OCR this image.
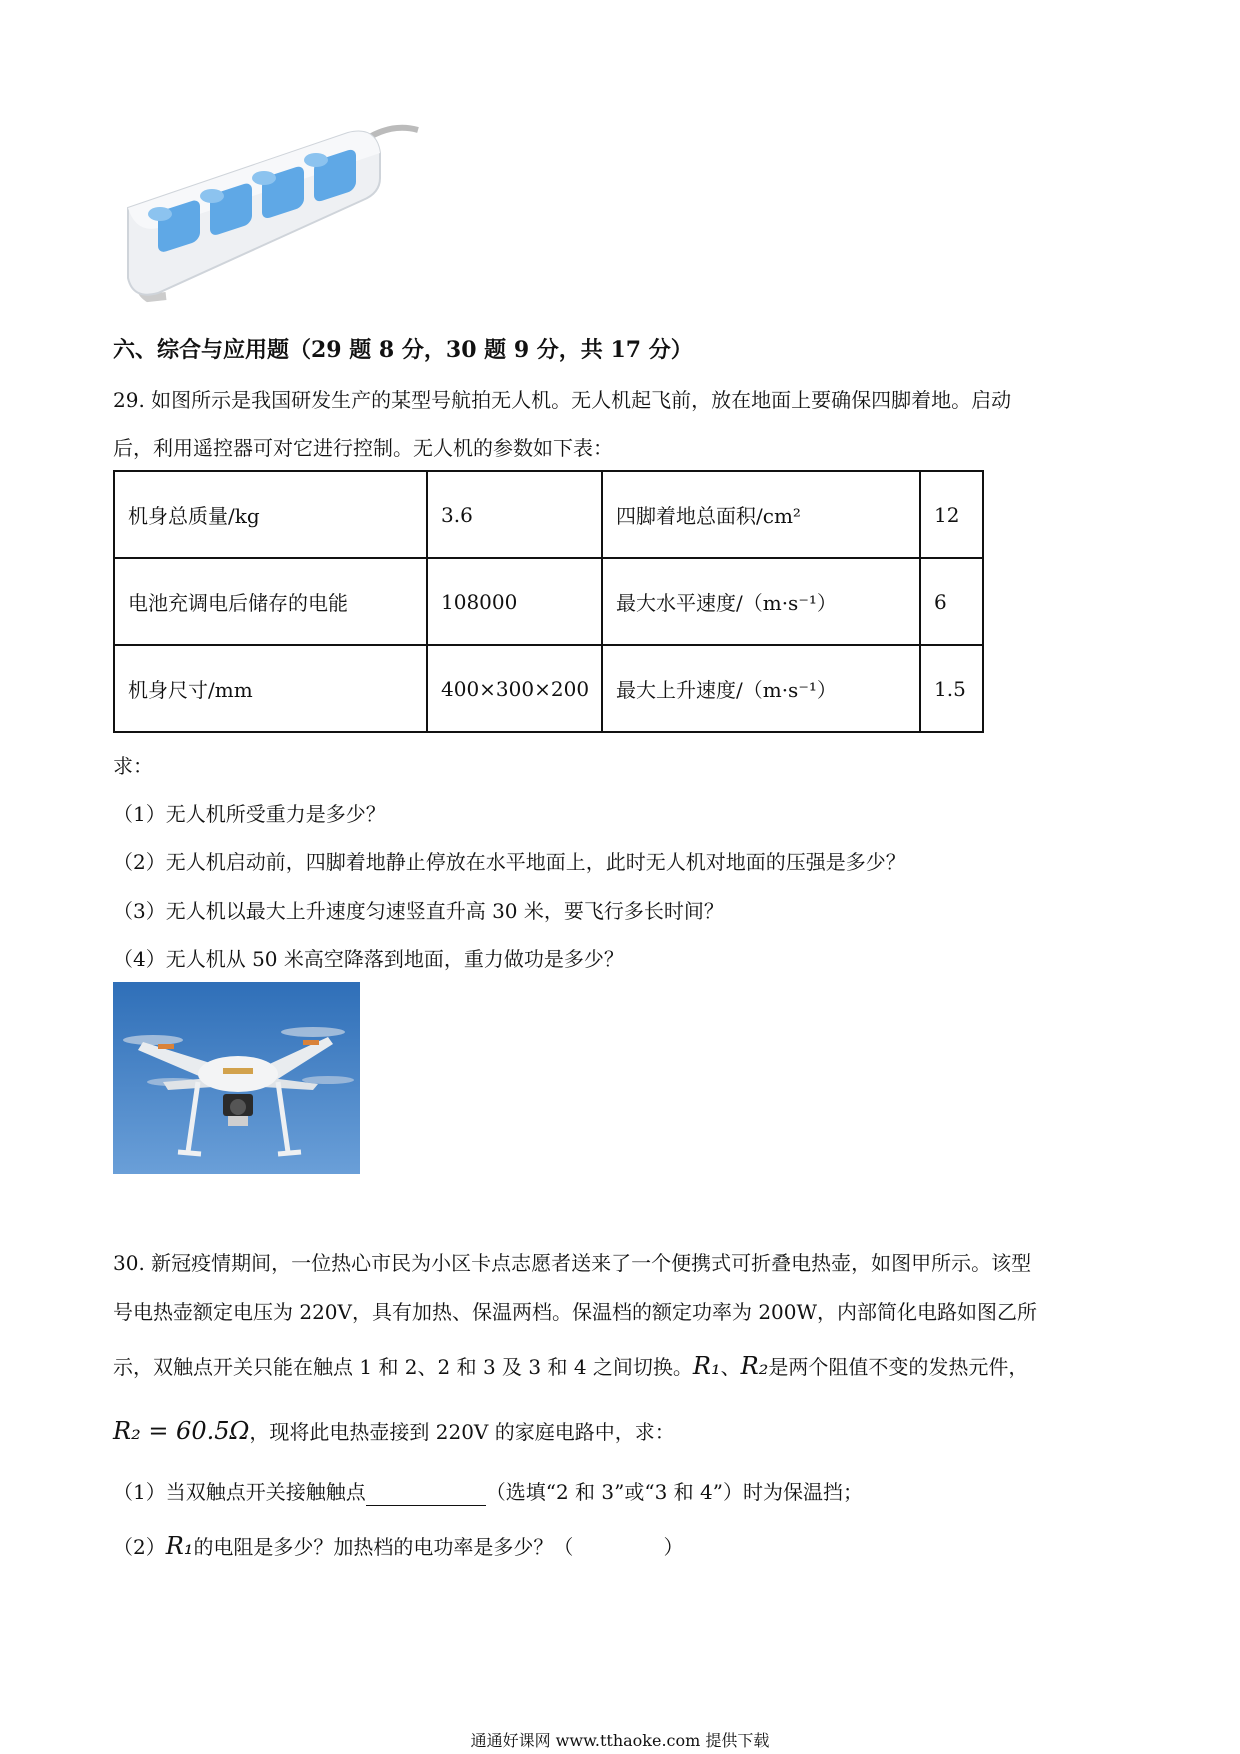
六、综合与应用题（29 题 8 分，30 题 9 分，共 17 分）
29. 如图所示是我国研发生产的某型号航拍无人机。无人机起飞前，放在地面上要确保四脚着地。启动
后，利用遥控器可对它进行控制。无人机的参数如下表：
机身总质量/kg	3.6	四脚着地总面积/cm²	12
电池充调电后储存的电能	108000	最大水平速度/（m·s⁻¹）	6
机身尺寸/mm	400×300×200	最大上升速度/（m·s⁻¹）	1.5
求：
（1）无人机所受重力是多少？
（2）无人机启动前，四脚着地静止停放在水平地面上，此时无人机对地面的压强是多少？
（3）无人机以最大上升速度匀速竖直升高 30 米，要飞行多长时间？
（4）无人机从 50 米高空降落到地面，重力做功是多少？
30. 新冠疫情期间，一位热心市民为小区卡点志愿者送来了一个便携式可折叠电热壶，如图甲所示。该型
号电热壶额定电压为 220V，具有加热、保温两档。保温档的额定功率为 200W，内部简化电路如图乙所
示，双触点开关只能在触点 1 和 2、2 和 3 及 3 和 4 之间切换。R₁、R₂是两个阻值不变的发热元件，
R₂ = 60.5Ω，现将此电热壶接到 220V 的家庭电路中，求：
（1）当双触点开关接触触点	（选填“2 和 3”或“3 和 4”）时为保温挡；
（2）R₁的电阻是多少？加热档的电功率是多少？（	）
通通好课网 www.tthaoke.com 提供下载
